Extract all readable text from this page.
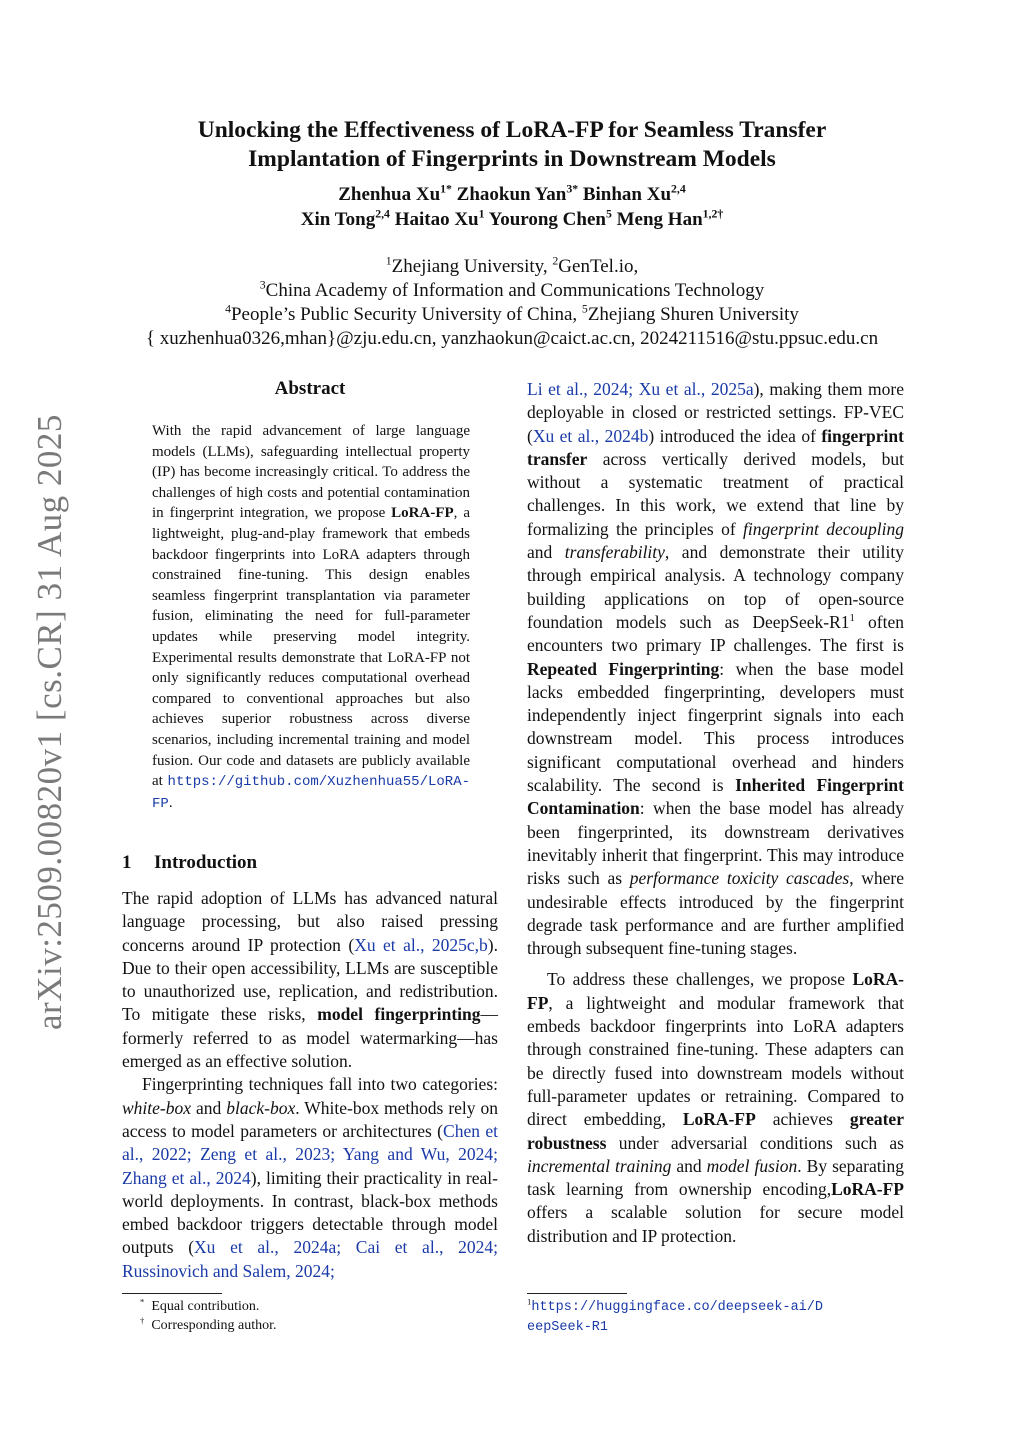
arXiv:2509.00820v1 [cs.CR] 31 Aug 2025
Unlocking the Effectiveness of LoRA-FP for Seamless Transfer
Implantation of Fingerprints in Downstream Models
Zhenhua $Xu^{1*}$ Zhaokun Yan$^{3*}$ Binhan Xu$^{2,4}$
Xin Tong$^{2,4}$ Haitao Xu$^1$ Yourong Chen$^5$ Meng Han$^{1,2\dagger}$
$^1$Zhejiang University, $^2$GenTel.io,
$^3$China Academy of Information and Communications Technology
$^4$People’s Public Security University of China, $^5$Zhejiang Shuren University
{ xuzhenhua0326,mhan}@zju.edu.cn, yanzhaokun@caict.ac.cn, 2024211516@stu.ppsuc.edu.cn
Abstract
With the rapid advancement of large language models (LLMs), safeguarding intellectual property (IP) has become increasingly critical. To address the challenges of high costs and potential contamination in fingerprint integration, we propose LoRA-FP, a lightweight, plug-and-play framework that embeds backdoor fingerprints into LoRA adapters through constrained fine-tuning. This design enables seamless fingerprint transplantation via parameter fusion, eliminating the need for full-parameter updates while preserving model integrity. Experimental results demonstrate that LoRA-FP not only significantly reduces computational overhead compared to conventional approaches but also achieves superior robustness across diverse scenarios, including incremental training and model fusion. Our code and datasets are publicly available at https://github.com/Xuzhenhua55/LoRA-FP.
1 Introduction

The rapid adoption of LLMs has advanced natural language processing, but also raised pressing concerns around IP protection (Xu et al., 2025c,b). Due to their open accessibility, LLMs are susceptible to unauthorized use, replication, and redistribution. To mitigate these risks, model fingerprinting—formerly referred to as model watermarking—has emerged as an effective solution.

Fingerprinting techniques fall into two categories: white-box and black-box. White-box methods rely on access to model parameters or architectures (Chen et al., 2022; Zeng et al., 2023; Yang and Wu, 2024; Zhang et al., 2024), limiting their practicality in real-world deployments. In contrast, black-box methods embed backdoor triggers detectable through model outputs (Xu et al., 2024a; Cai et al., 2024; Russinovich and Salem, 2024;

* Equal contribution.
† Corresponding author.

Li et al., 2024; Xu et al., 2025a), making them more deployable in closed or restricted settings. FP-VEC (Xu et al., 2024b) introduced the idea of fingerprint transfer across vertically derived models, but without a systematic treatment of practical challenges. In this work, we extend that line by formalizing the principles of fingerprint decoupling and transferability, and demonstrate their utility through empirical analysis. A technology company building applications on top of open-source foundation models such as DeepSeek-$R1^1$ often encounters two primary IP challenges. The first is Repeated Fingerprinting: when the base model lacks embedded fingerprinting, developers must independently inject fingerprint signals into each downstream model. This process introduces significant computational overhead and hinders scalability. The second is Inherited Fingerprint Contamination: when the base model has already been fingerprinted, its downstream derivatives inevitably inherit that fingerprint. This may introduce risks such as performance toxicity cascades, where undesirable effects introduced by the fingerprint degrade task performance and are further amplified through subsequent fine-tuning stages.

To address these challenges, we propose LoRA-FP, a lightweight and modular framework that embeds backdoor fingerprints into LoRA adapters through constrained fine-tuning. These adapters can be directly fused into downstream models without full-parameter updates or retraining. Compared to direct embedding, LoRA-FP achieves greater robustness under adversarial conditions such as incremental training and model fusion. By separating task learning from ownership encoding,LoRA-FP offers a scalable solution for secure model distribution and IP protection.

$^1$https://huggingface.co/deepseek-ai/DeepSeek-R1
